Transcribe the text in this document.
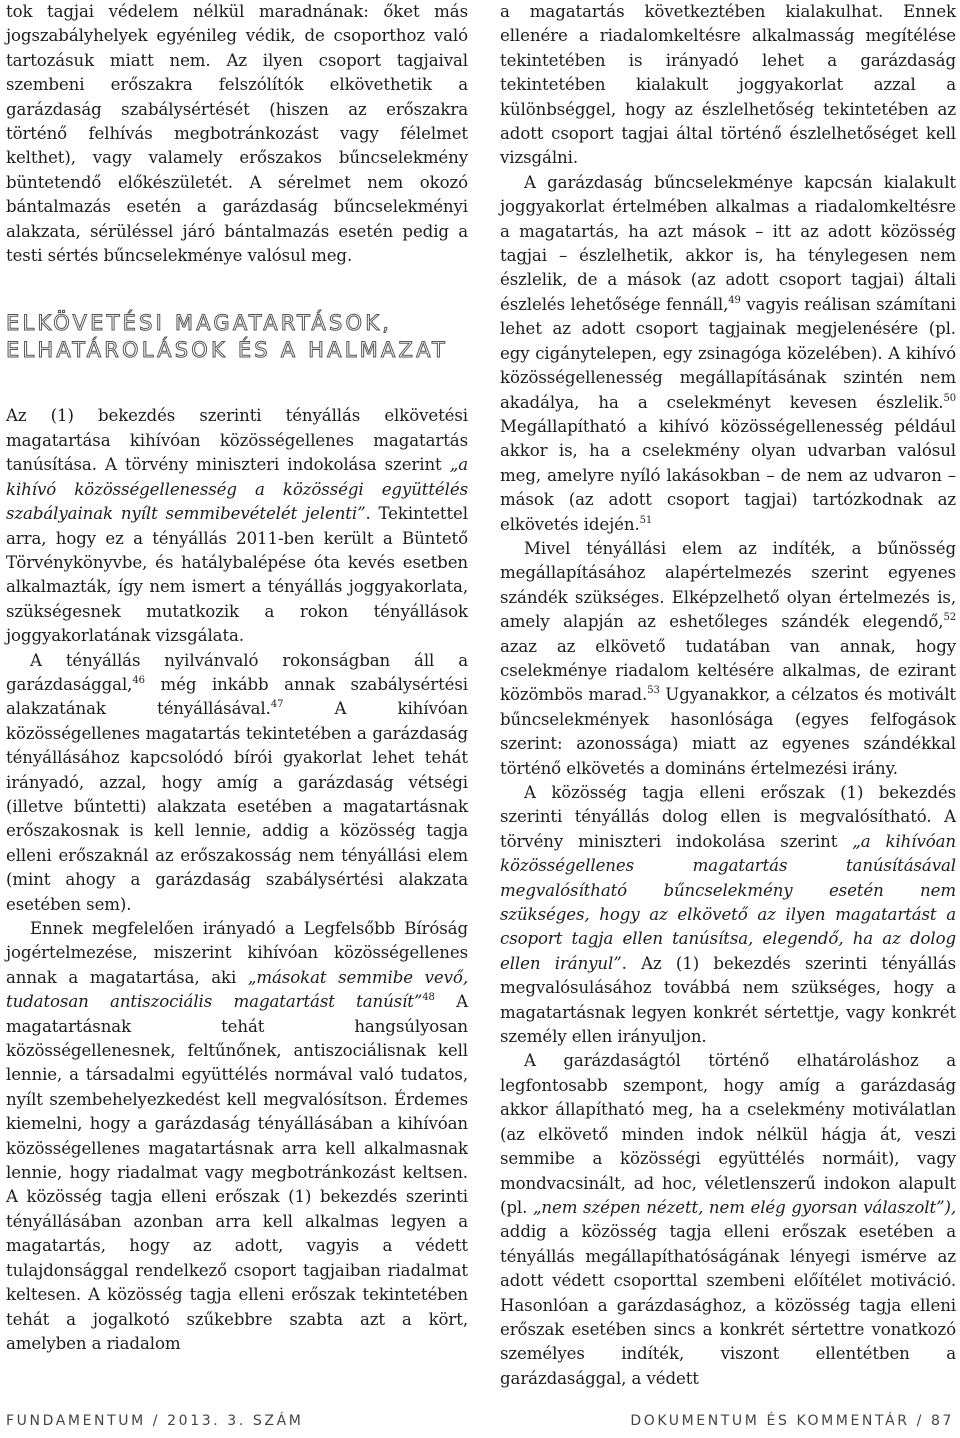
tok tagjai védelem nélkül maradnának: őket más jogszabályhelyek egyénileg védik, de csoporthoz való tartozásuk miatt nem. Az ilyen csoport tagjaival szembeni erőszakra felszólítók elkövethetik a garázdaság szabálysértését (hiszen az erőszakra történő felhívás megbotránkozást vagy félelmet kelthet), vagy valamely erőszakos bűncselekmény büntetendő előkészületét. A sérelmet nem okozó bántalmazás esetén a garázdaság bűncselekményi alakzata, sérüléssel járó bántalmazás esetén pedig a testi sértés bűncselekménye valósul meg.

ELKÖVETÉSI MAGATARTÁSOK, ELHATÁROLÁSOK ÉS A HALMAZAT

Az (1) bekezdés szerinti tényállás elkövetési magatartása kihívóan közösségellenes magatartás tanúsítása. A törvény miniszteri indokolása szerint „a kihívó közösségellenesség a közösségi együttélés szabályainak nyílt semmibevételét jelenti”. Tekintettel arra, hogy ez a tényállás 2011-ben került a Büntető Törvénykönyvbe, és hatálybalépése óta kevés esetben alkalmazták, így nem ismert a tényállás joggyakorlata, szükségesnek mutatkozik a rokon tényállások joggyakorlatának vizsgálata.

A tényállás nyilvánvaló rokonságban áll a garázdasággal,$^{46}$ még inkább annak szabálysértési alakzatának tényállásával.$^{47}$ A kihívóan közösségellenes magatartás tekintetében a garázdaság tényállásához kapcsolódó bírói gyakorlat lehet tehát irányadó, azzal, hogy amíg a garázdaság vétségi (illetve bűntetti) alakzata esetében a magatartásnak erőszakosnak is kell lennie, addig a közösség tagja elleni erőszaknál az erőszakosság nem tényállási elem (mint ahogy a garázdaság szabálysértési alakzata esetében sem).

Ennek megfelelően irányadó a Legfelsőbb Bíróság jogértelmezése, miszerint kihívóan közösségellenes annak a magatartása, aki „másokat semmibe vevő, tudatosan antiszociális magatartást tanúsít”$^{48}$ A magatartásnak tehát hangsúlyosan közösségellenesnek, feltűnőnek, antiszociálisnak kell lennie, a társadalmi együttélés normával való tudatos, nyílt szembehelyezkedést kell megvalósítson. Érdemes kiemelni, hogy a garázdaság tényállásában a kihívóan közösségellenes magatartásnak arra kell alkalmasnak lennie, hogy riadalmat vagy megbotránkozást keltsen. A közösség tagja elleni erőszak (1) bekezdés szerinti tényállásában azonban arra kell alkalmas legyen a magatartás, hogy az adott, vagyis a védett tulajdonsággal rendelkező csoport tagjaiban riadalmat keltesen. A közösség tagja elleni erőszak tekintetében tehát a jogalkotó szűkebbre szabta azt a kört, amelyben a riadalom

a magatartás következtében kialakulhat. Ennek ellenére a riadalomkeltésre alkalmasság megítélése tekintetében is irányadó lehet a garázdaság tekintetében kialakult joggyakorlat azzal a különbséggel, hogy az észlelhetőség tekintetében az adott csoport tagjai által történő észlelhetőséget kell vizsgálni.

A garázdaság bűncselekménye kapcsán kialakult joggyakorlat értelmében alkalmas a riadalomkeltésre a magatartás, ha azt mások – itt az adott közösség tagjai – észlelhetik, akkor is, ha ténylegesen nem észlelik, de a mások (az adott csoport tagjai) általi észlelés lehetősége fennáll,$^{49}$ vagyis reálisan számítani lehet az adott csoport tagjainak megjelenésére (pl. egy cigánytelepen, egy zsinagóga közelében). A kihívó közösségellenesség megállapításának szintén nem akadálya, ha a cselekményt kevesen észlelik.$^{50}$ Megállapítható a kihívó közösségellenesség például akkor is, ha a cselekmény olyan udvarban valósul meg, amelyre nyíló lakásokban – de nem az udvaron – mások (az adott csoport tagjai) tartózkodnak az elkövetés idején.$^{51}$

Mivel tényállási elem az indíték, a bűnösség megállapításához alapértelmezés szerint egyenes szándék szükséges. Elképzelhető olyan értelmezés is, amely alapján az eshetőleges szándék elegendő,$^{52}$ azaz az elkövető tudatában van annak, hogy cselekménye riadalom keltésére alkalmas, de ezirant közömbös marad.$^{53}$ Ugyanakkor, a célzatos és motivált bűncselekmények hasonlósága (egyes felfogások szerint: azonossága) miatt az egyenes szándékkal történő elkövetés a domináns értelmezési irány.

A közösség tagja elleni erőszak (1) bekezdés szerinti tényállás dolog ellen is megvalósítható. A törvény miniszteri indokolása szerint „a kihívóan közösségellenes magatartás tanúsításával megvalósítható bűncselekmény esetén nem szükséges, hogy az elkövető az ilyen magatartást a csoport tagja ellen tanúsítsa, elegendő, ha az dolog ellen irányul”. Az (1) bekezdés szerinti tényállás megvalósulásához továbbá nem szükséges, hogy a magatartásnak legyen konkrét sértettje, vagy konkrét személy ellen irányuljon.

A garázdaságtól történő elhatároláshoz a legfontosabb szempont, hogy amíg a garázdaság akkor állapítható meg, ha a cselekmény motiválatlan (az elkövető minden indok nélkül hágja át, veszi semmibe a közösségi együttélés normáit), vagy mondvacsinált, ad hoc, véletlenszerű indokon alapult (pl. „nem szépen nézett, nem elég gyorsan válaszolt”), addig a közösség tagja elleni erőszak esetében a tényállás megállapíthatóságának lényegi ismérve az adott védett csoporttal szembeni előítélet motiváció. Hasonlóan a garázdasághoz, a közösség tagja elleni erőszak esetében sincs a konkrét sértettre vonatkozó személyes indíték, viszont ellentétben a garázdasággal, a védett

FUNDAMENTUM / 2013. 3. SZÁM	DOKUMENTUM ÉS KOMMENTÁR / 87
